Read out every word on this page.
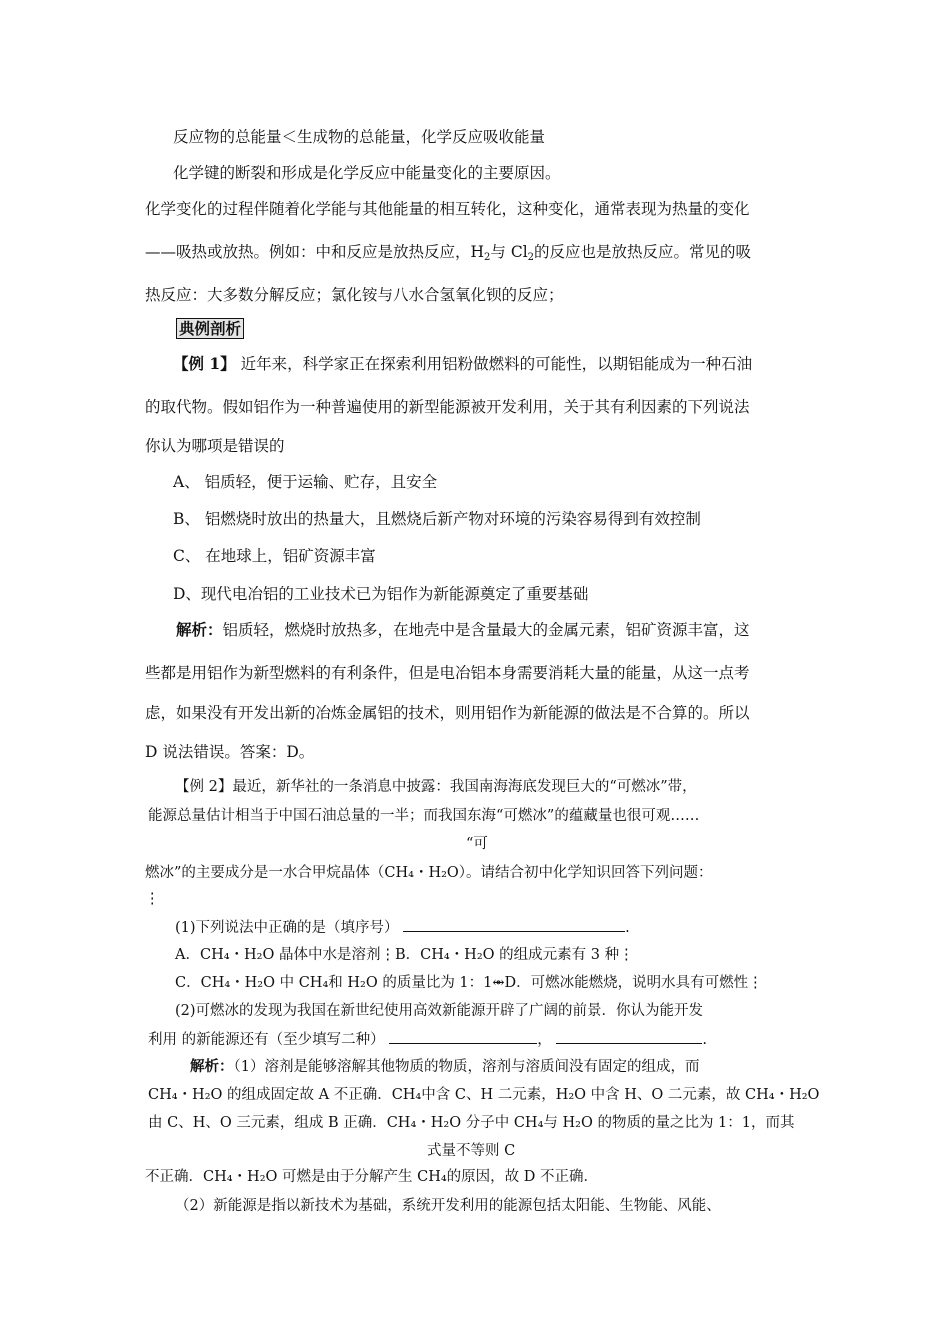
反应物的总能量＜生成物的总能量，化学反应吸收能量
化学键的断裂和形成是化学反应中能量变化的主要原因。
化学变化的过程伴随着化学能与其他能量的相互转化，这种变化，通常表现为热量的变化
——吸热或放热。例如：中和反应是放热反应，$H_2$与 $Cl_2$的反应也是放热反应。常见的吸
热反应：大多数分解反应；氯化铵与八水合氢氧化钡的反应；
典例剖析
【例 1】 近年来，科学家正在探索利用铝粉做燃料的可能性，以期铝能成为一种石油
的取代物。假如铝作为一种普遍使用的新型能源被开发利用，关于其有利因素的下列说法
你认为哪项是错误的
A、 铝质轻，便于运输、贮存，且安全
B、 铝燃烧时放出的热量大，且燃烧后新产物对环境的污染容易得到有效控制
C、 在地球上，铝矿资源丰富
D、现代电冶铝的工业技术已为铝作为新能源奠定了重要基础
解析：铝质轻，燃烧时放热多，在地壳中是含量最大的金属元素，铝矿资源丰富，这
些都是用铝作为新型燃料的有利条件，但是电冶铝本身需要消耗大量的能量，从这一点考
虑，如果没有开发出新的冶炼金属铝的技术，则用铝作为新能源的做法是不合算的。所以
D 说法错误。答案：D。
【例 2】最近，新华社的一条消息中披露：我国南海海底发现巨大的“可燃冰”带，
能源总量估计相当于中国石油总量的一半；而我国东海“可燃冰”的蕴藏量也很可观……
“可
燃冰”的主要成分是一水合甲烷晶体（CH₄・H₂O）。请结合初中化学知识回答下列问题：
⋮
(1)下列说法中正确的是（填序号）	.
A．CH₄・H₂O 晶体中水是溶剂⋮B．CH₄・H₂O 的组成元素有 3 种⋮
C．CH₄・H₂O 中 CH₄和 H₂O 的质量比为 1：1⥈D．可燃冰能燃烧，说明水具有可燃性⋮
(2)可燃冰的发现为我国在新世纪使用高效新能源开辟了广阔的前景．你认为能开发
利用 的新能源还有（至少填写二种）	，	.
解析：（1）溶剂是能够溶解其他物质的物质，溶剂与溶质间没有固定的组成，而
CH₄・H₂O 的组成固定故 A 不正确．CH₄中含 C、H 二元素，H₂O 中含 H、O 二元素，故 CH₄・H₂O
由 C、H、O 三元素，组成 B 正确．CH₄・H₂O 分子中 CH₄与 H₂O 的物质的量之比为 1：1，而其
式量不等则 C
不正确．CH₄・H₂O 可燃是由于分解产生 CH₄的原因，故 D 不正确．
（2）新能源是指以新技术为基础，系统开发利用的能源包括太阳能、生物能、风能、
